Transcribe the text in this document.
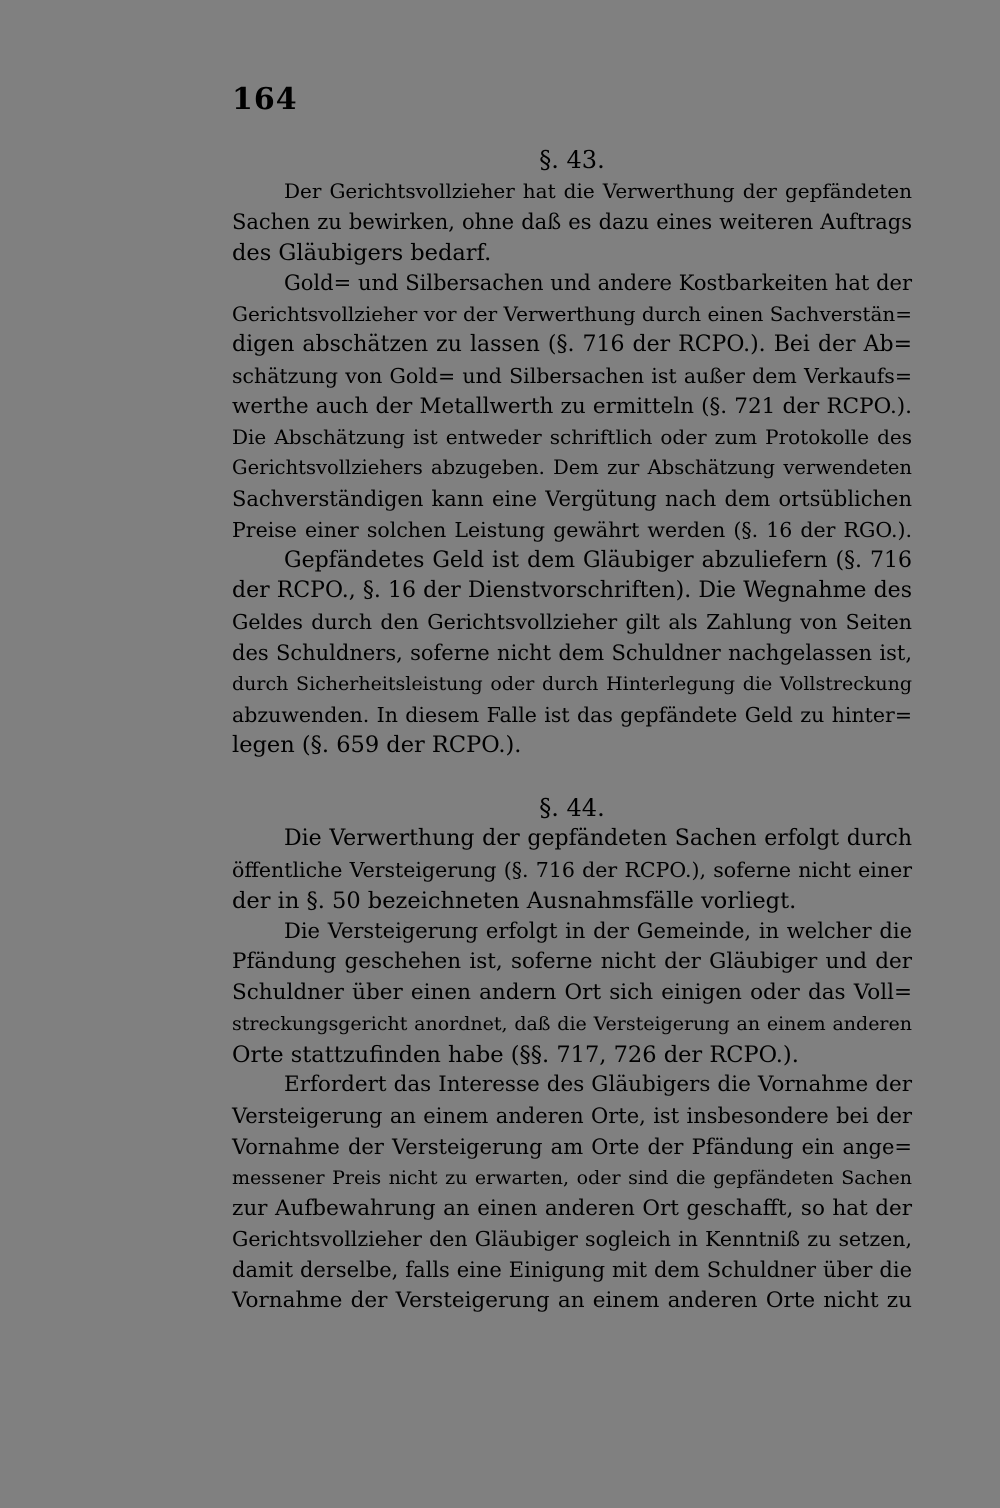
164
§. 43.
Der Gerichtsvollzieher hat die Verwerthung der gepfändeten
Sachen zu bewirken, ohne daß es dazu eines weiteren Auftrags
des Gläubigers bedarf.
Gold= und Silbersachen und andere Kostbarkeiten hat der
Gerichtsvollzieher vor der Verwerthung durch einen Sachverstän=
digen abschätzen zu lassen (§. 716 der RCPO.). Bei der Ab=
schätzung von Gold= und Silbersachen ist außer dem Verkaufs=
werthe auch der Metallwerth zu ermitteln (§. 721 der RCPO.).
Die Abschätzung ist entweder schriftlich oder zum Protokolle des
Gerichtsvollziehers abzugeben. Dem zur Abschätzung verwendeten
Sachverständigen kann eine Vergütung nach dem ortsüblichen
Preise einer solchen Leistung gewährt werden (§. 16 der RGO.).
Gepfändetes Geld ist dem Gläubiger abzuliefern (§. 716
der RCPO., §. 16 der Dienstvorschriften). Die Wegnahme des
Geldes durch den Gerichtsvollzieher gilt als Zahlung von Seiten
des Schuldners, soferne nicht dem Schuldner nachgelassen ist,
durch Sicherheitsleistung oder durch Hinterlegung die Vollstreckung
abzuwenden. In diesem Falle ist das gepfändete Geld zu hinter=
legen (§. 659 der RCPO.).
§. 44.
Die Verwerthung der gepfändeten Sachen erfolgt durch
öffentliche Versteigerung (§. 716 der RCPO.), soferne nicht einer
der in §. 50 bezeichneten Ausnahmsfälle vorliegt.
Die Versteigerung erfolgt in der Gemeinde, in welcher die
Pfändung geschehen ist, soferne nicht der Gläubiger und der
Schuldner über einen andern Ort sich einigen oder das Voll=
streckungsgericht anordnet, daß die Versteigerung an einem anderen
Orte stattzufinden habe (§§. 717, 726 der RCPO.).
Erfordert das Interesse des Gläubigers die Vornahme der
Versteigerung an einem anderen Orte, ist insbesondere bei der
Vornahme der Versteigerung am Orte der Pfändung ein ange=
messener Preis nicht zu erwarten, oder sind die gepfändeten Sachen
zur Aufbewahrung an einen anderen Ort geschafft, so hat der
Gerichtsvollzieher den Gläubiger sogleich in Kenntniß zu setzen,
damit derselbe, falls eine Einigung mit dem Schuldner über die
Vornahme der Versteigerung an einem anderen Orte nicht zu
